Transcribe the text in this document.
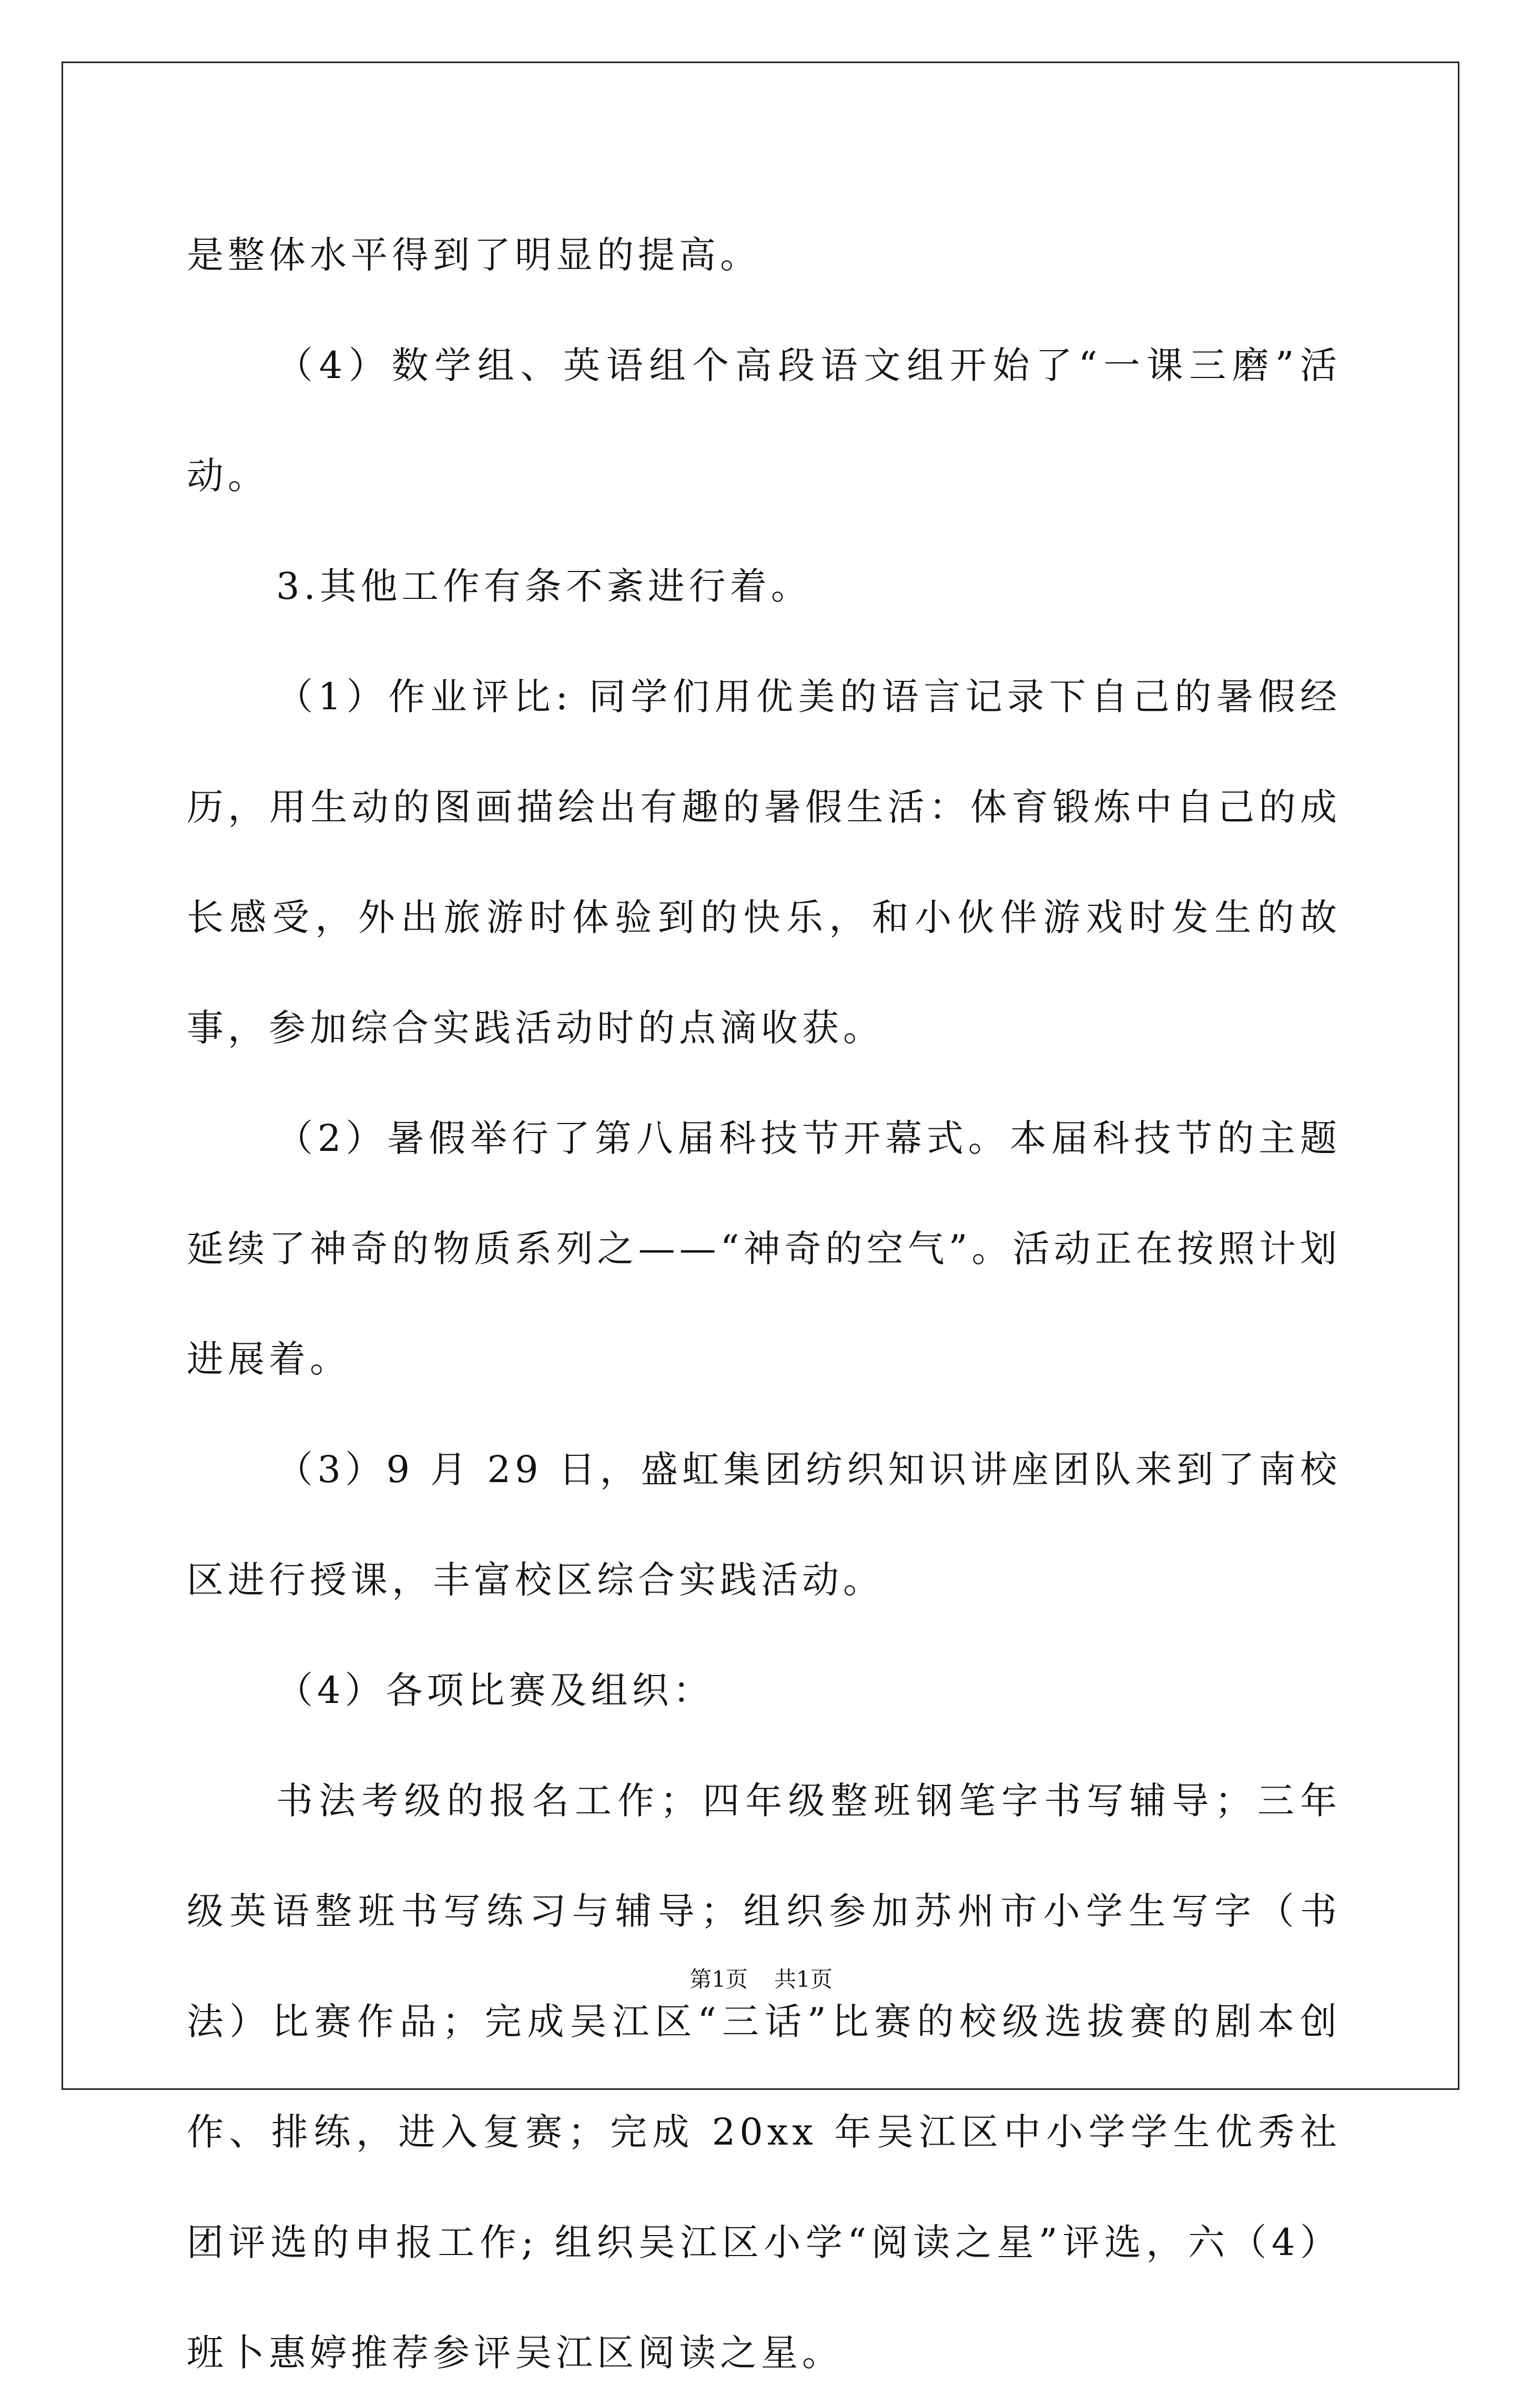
是整体水平得到了明显的提高。

（4）数学组、英语组个高段语文组开始了“一课三磨”活动。

3.其他工作有条不紊进行着。

（1）作业评比: 同学们用优美的语言记录下自己的暑假经历，用生动的图画描绘出有趣的暑假生活：体育锻炼中自己的成长感受，外出旅游时体验到的快乐，和小伙伴游戏时发生的故事，参加综合实践活动时的点滴收获。

（2）暑假举行了第八届科技节开幕式。本届科技节的主题延续了神奇的物质系列之——“神奇的空气”。活动正在按照计划进展着。

（3）9 月 29 日，盛虹集团纺织知识讲座团队来到了南校区进行授课，丰富校区综合实践活动。

（4）各项比赛及组织：

书法考级的报名工作；四年级整班钢笔字书写辅导；三年级英语整班书写练习与辅导；组织参加苏州市小学生写字（书法）比赛作品；完成吴江区“三话”比赛的校级选拔赛的剧本创作、排练，进入复赛；完成 20xx 年吴江区中小学学生优秀社团评选的申报工作; 组织吴江区小学“阅读之星”评选，六（4）班卜惠婷推荐参评吴江区阅读之星。

第1页 共1页
